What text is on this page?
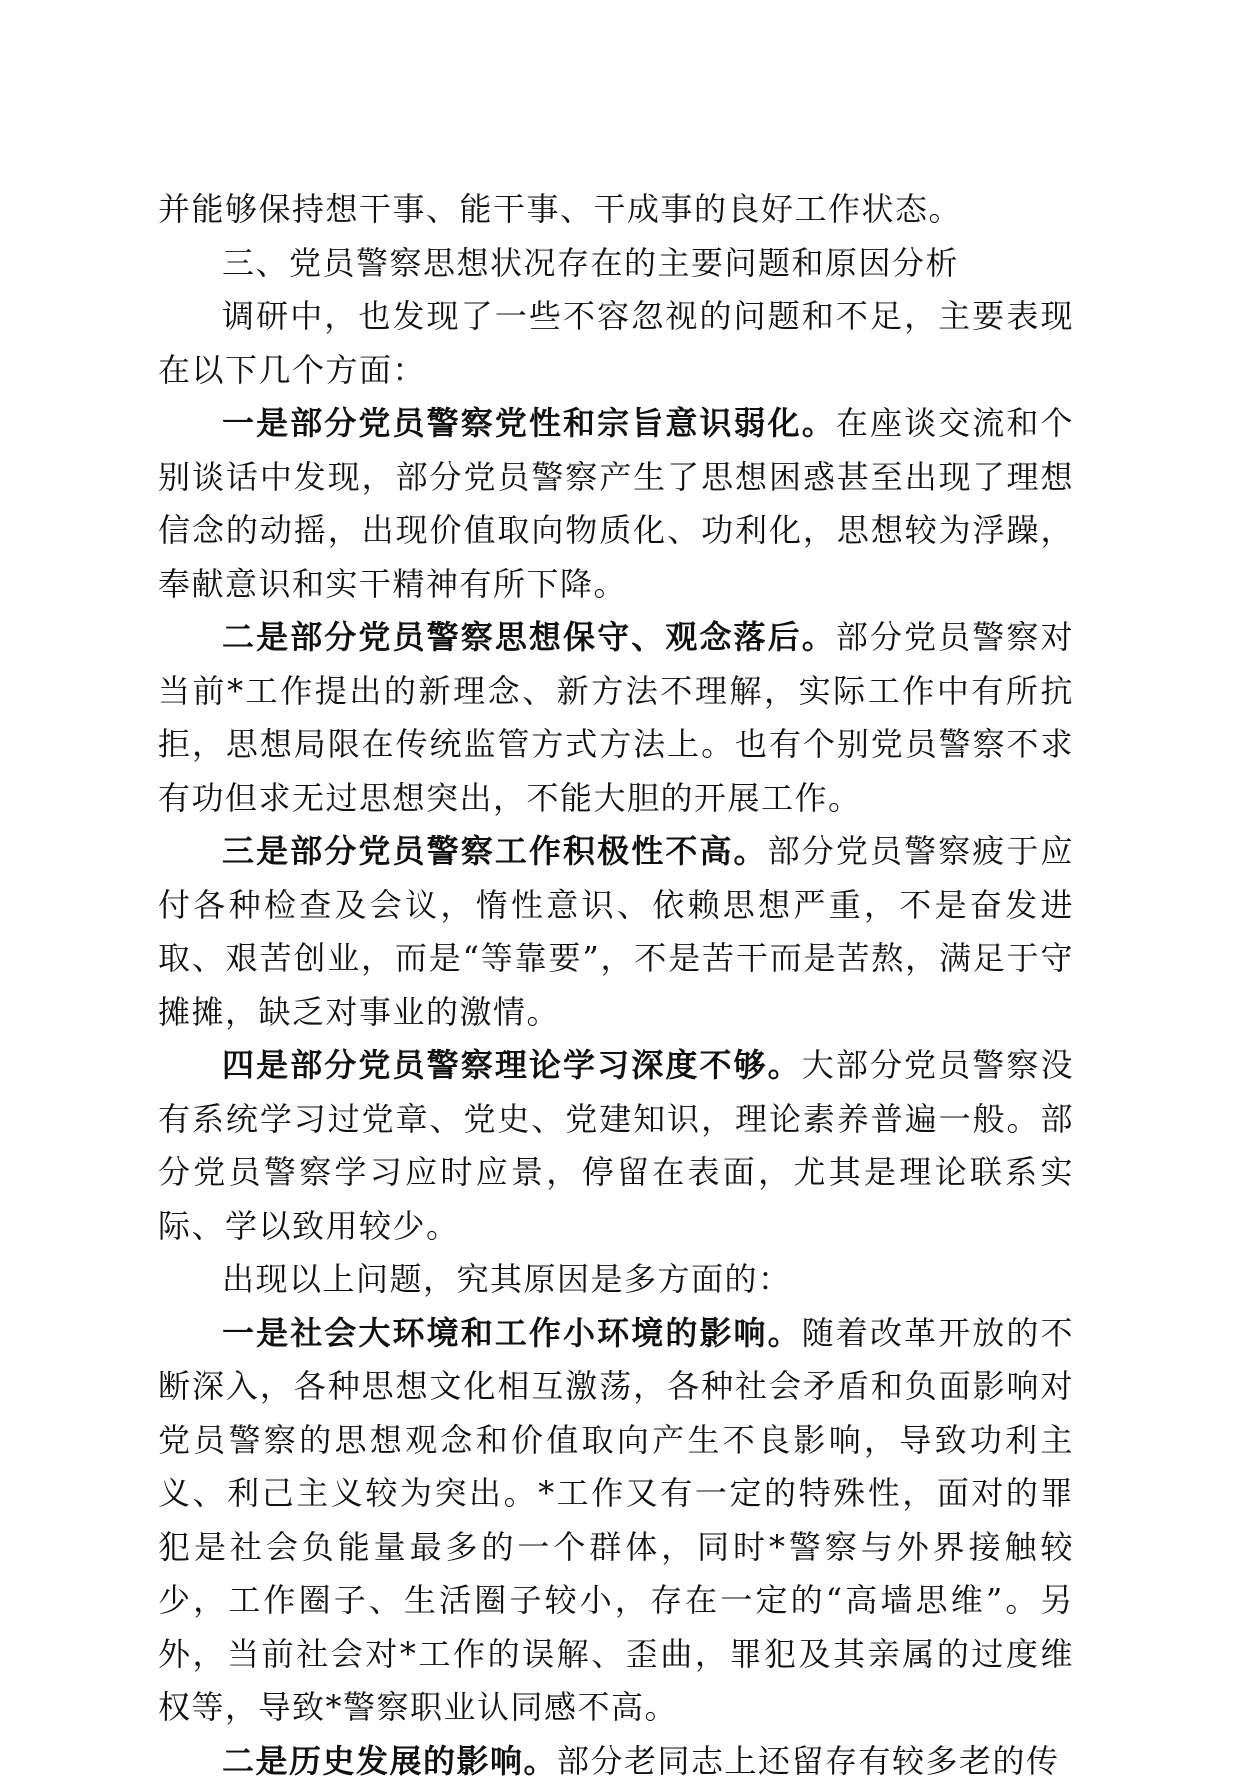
并能够保持想干事、能干事、干成事的良好工作状态。

三、党员警察思想状况存在的主要问题和原因分析

调研中，也发现了一些不容忽视的问题和不足，主要表现在以下几个方面：

一是部分党员警察党性和宗旨意识弱化。在座谈交流和个别谈话中发现，部分党员警察产生了思想困惑甚至出现了理想信念的动摇，出现价值取向物质化、功利化，思想较为浮躁，奉献意识和实干精神有所下降。

二是部分党员警察思想保守、观念落后。部分党员警察对当前*工作提出的新理念、新方法不理解，实际工作中有所抗拒，思想局限在传统监管方式方法上。也有个别党员警察不求有功但求无过思想突出，不能大胆的开展工作。

三是部分党员警察工作积极性不高。部分党员警察疲于应付各种检查及会议，惰性意识、依赖思想严重，不是奋发进取、艰苦创业，而是“等靠要”，不是苦干而是苦熬，满足于守摊摊，缺乏对事业的激情。

四是部分党员警察理论学习深度不够。大部分党员警察没有系统学习过党章、党史、党建知识，理论素养普遍一般。部分党员警察学习应时应景，停留在表面，尤其是理论联系实际、学以致用较少。

出现以上问题，究其原因是多方面的：

一是社会大环境和工作小环境的影响。随着改革开放的不断深入，各种思想文化相互激荡，各种社会矛盾和负面影响对党员警察的思想观念和价值取向产生不良影响，导致功利主义、利己主义较为突出。*工作又有一定的特殊性，面对的罪犯是社会负能量最多的一个群体，同时*警察与外界接触较少，工作圈子、生活圈子较小，存在一定的“高墙思维”。另外，当前社会对*工作的误解、歪曲，罪犯及其亲属的过度维权等，导致*警察职业认同感不高。

二是历史发展的影响。部分老同志上还留存有较多老的传
